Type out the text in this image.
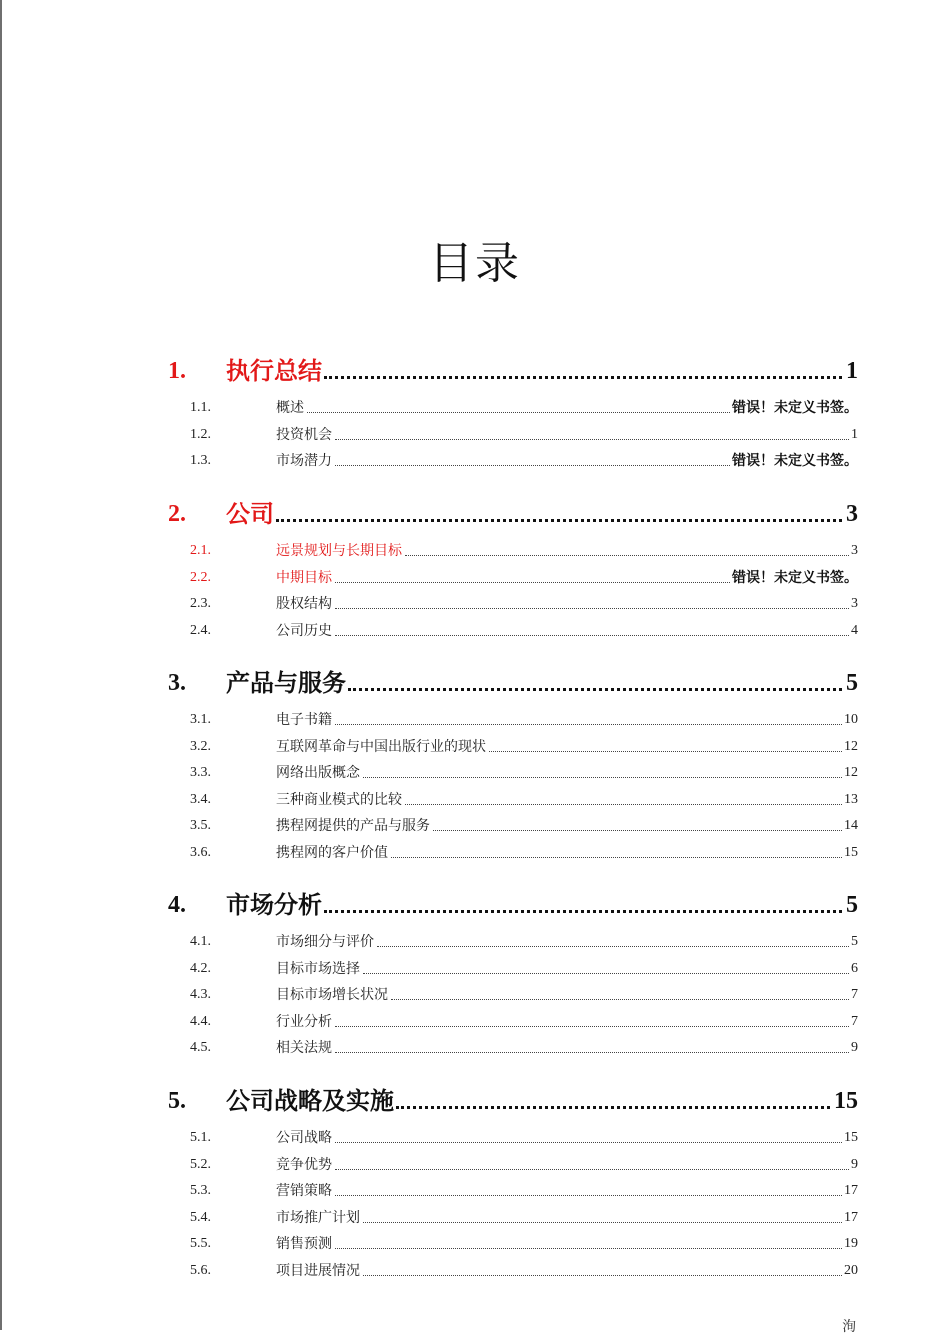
目录
1.	执行总结	1
1.1.	概述	错误！未定义书签。
1.2.	投资机会	1
1.3.	市场潜力	错误！未定义书签。
2.	公司	3
2.1.	远景规划与长期目标	3
2.2.	中期目标	错误！未定义书签。
2.3.	股权结构	3
2.4.	公司历史	4
3.	产品与服务	5
3.1.	电子书籍	10
3.2.	互联网革命与中国出版行业的现状	12
3.3.	网络出版概念	12
3.4.	三种商业模式的比较	13
3.5.	携程网提供的产品与服务	14
3.6.	携程网的客户价值	15
4.	市场分析	5
4.1.	市场细分与评价	5
4.2.	目标市场选择	6
4.3.	目标市场增长状况	7
4.4.	行业分析	7
4.5.	相关法规	9
5.	公司战略及实施	15
5.1.	公司战略	15
5.2.	竞争优势	9
5.3.	营销策略	17
5.4.	市场推广计划	17
5.5.	销售预测	19
5.6.	项目进展情况	20
洵
